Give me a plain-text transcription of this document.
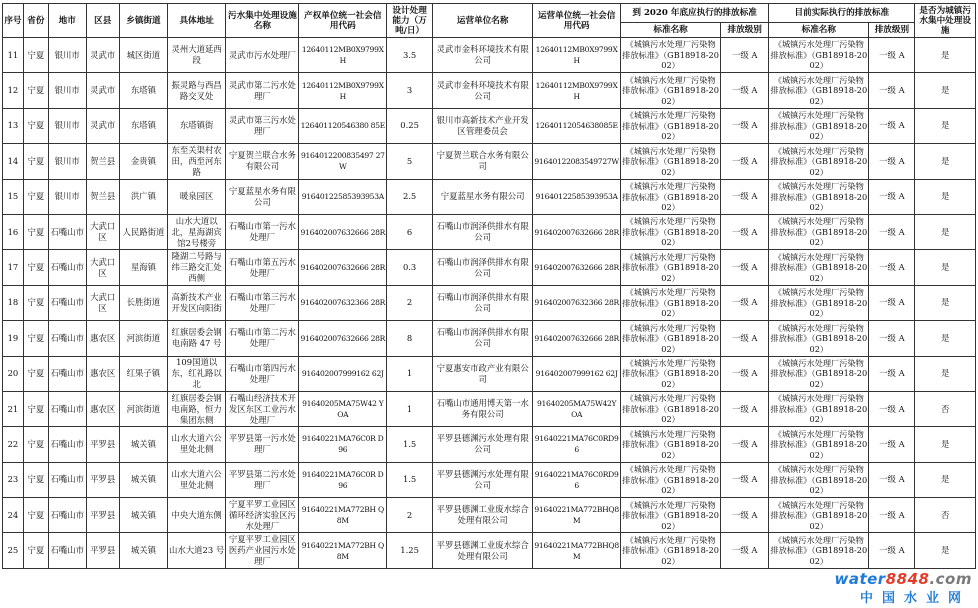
序号	省份	地市	区县	乡镇街道	具体地址	污水集中处理设施名称	产权单位统一社会信用代码	设计处理能力（万吨/日）	运营单位名称	运营单位统一社会信用代码	到 2020 年底应执行的排放标准		目前实际执行的排放标准		是否为城镇污水集中处理设施
											标准名称	排放级别	标准名称	排放级别	
11	宁夏	银川市	灵武市	城区街道	灵州大道延西段	灵武市污水处理厂	12640112MB0X9799XH	3.5	灵武市金科环境技术有限公司	12640112MB0X9799XH	《城镇污水处理厂污染物排放标准》（GB18918-2002）	一级 A	《城镇污水处理厂污染物排放标准》（GB18918-2002）	一级 A	是
12	宁夏	银川市	灵武市	东塔镇	振灵路与西昌路交叉处	灵武市第二污水处理厂	12640112MB0X9799XH	3	灵武市金科环境技术有限公司	12640112MB0X9799XH	《城镇污水处理厂污染物排放标准》（GB18918-2002）	一级 A	《城镇污水处理厂污染物排放标准》（GB18918-2002）	一级 A	是
13	宁夏	银川市	灵武市	东塔镇	东塔镇街	灵武市第三污水处理厂	126401120546380 85E	0.25	银川市高新技术产业开发区管理委员会	12640112054638085E	《城镇污水处理厂污染物排放标准》（GB18918-2002）	一级 A	《城镇污水处理厂污染物排放标准》（GB18918-2002）	一级 A	是
14	宁夏	银川市	贺兰县	金贵镇	东至关渠村农田，西至河东路	宁夏贺兰联合水务有限公司	9164012200835497 27W	5	宁夏贺兰联合水务有限公司	91640122083549727W	《城镇污水处理厂污染物排放标准》（GB18918-2002）	一级 A	《城镇污水处理厂污染物排放标准》（GB18918-2002）	一级 A	是
15	宁夏	银川市	贺兰县	洪广镇	暖泉园区	宁夏蓝星水务有限公司	91640122585393953A	2.5	宁夏蓝星水务有限公司	91640122585393953A	《城镇污水处理厂污染物排放标准》（GB18918-2002）	一级 A	《城镇污水处理厂污染物排放标准》（GB18918-2002）	一级 A	是
16	宁夏	石嘴山市	大武口区	人民路街道	山水大道以北，星海湖宾馆2号楼旁	石嘴山市第一污水处理厂	916402007632666 28R	6	石嘴山市润泽供排水有限公司	916402007632666 28R	《城镇污水处理厂污染物排放标准》（GB18918-2002）	一级 A	《城镇污水处理厂污染物排放标准》（GB18918-2002）	一级 A	是
17	宁夏	石嘴山市	大武口区	星海镇	隆湖二号路与纬三路交汇处西侧	石嘴山市第五污水处理厂	916402007632666 28R	0.3	石嘴山市润泽供排水有限公司	916402007632666 28R	《城镇污水处理厂污染物排放标准》（GB18918-2002）	一级 A	《城镇污水处理厂污染物排放标准》（GB18918-2002）	一级 A	是
18	宁夏	石嘴山市	大武口区	长胜街道	高新技术产业开发区向阳街	石嘴山市第三污水处理厂	916402007632366 28R	2	石嘴山市润泽供排水有限公司	916402007632366 28R	《城镇污水处理厂污染物排放标准》（GB18918-2002）	一级 A	《城镇污水处理厂污染物排放标准》（GB18918-2002）	一级 A	是
19	宁夏	石嘴山市	惠农区	河滨街道	红旗居委会钢电南路 47 号	石嘴山市第二污水处理厂	916402007632666 28R	8	石嘴山市润泽供排水有限公司	916402007632666 28R	《城镇污水处理厂污染物排放标准》（GB18918-2002）	一级 A	《城镇污水处理厂污染物排放标准》（GB18918-2002）	一级 A	是
20	宁夏	石嘴山市	惠农区	红果子镇	109国道以东，红礼路以北	石嘴山市第四污水处理厂	916402007999162 62J	1	宁夏惠安市政产业有限公司	916402007999162 62J	《城镇污水处理厂污染物排放标准》（GB18918-2002）	一级 A	《城镇污水处理厂污染物排放标准》（GB18918-2002）	一级 A	是
21	宁夏	石嘴山市	惠农区	河滨街道	红旗居委会钢电南路，恒力集团东侧	石嘴山经济技术开发区东区工业污水处理厂	91640205MA75W42 YOA	1	石嘴山市通用博天第一水务有限公司	91640205MA75W42YOA	《城镇污水处理厂污染物排放标准》（GB18918-2002）	一级 A	《城镇污水处理厂污染物排放标准》（GB18918-2002）	一级 A	否
22	宁夏	石嘴山市	平罗县	城关镇	山水大道六公里处北侧	平罗县第一污水处理厂	91640221MA76C0R D96	1.5	平罗县德渊污水处理有限公司	91640221MA76C0RD96	《城镇污水处理厂污染物排放标准》（GB18918-2002）	一级 A	《城镇污水处理厂污染物排放标准》（GB18918-2002）	一级 A	是
23	宁夏	石嘴山市	平罗县	城关镇	山水大道六公里处北侧	平罗县第二污水处理厂	91640221MA76C0R D96	1.5	平罗县德渊污水处理有限公司	91640221MA76C0RD96	《城镇污水处理厂污染物排放标准》（GB18918-2002）	一级 A	《城镇污水处理厂污染物排放标准》（GB18918-2002）	一级 A	是
24	宁夏	石嘴山市	平罗县	城关镇	中央大道东侧	宁夏平罗工业园区循环经济实验区污水处理厂	91640221MA772BH Q8M	2	平罗县德渊工业废水综合处理有限公司	91640221MA772BHQ8M	《城镇污水处理厂污染物排放标准》（GB18918-2002）	一级 A	《城镇污水处理厂污染物排放标准》（GB18918-2002）	一级 A	否
25	宁夏	石嘴山市	平罗县	城关镇	山水大道23 号	宁夏平罗工业园区医药产业园污水处理厂	91640221MA772BH Q8M	1.25	平罗县德渊工业废水综合处理有限公司	91640221MA772BHQ8M	《城镇污水处理厂污染物排放标准》（GB18918-2002）	一级 A	《城镇污水处理厂污染物排放标准》（GB18918-2002）	一级 A	是
water8848.com
中国水业网
